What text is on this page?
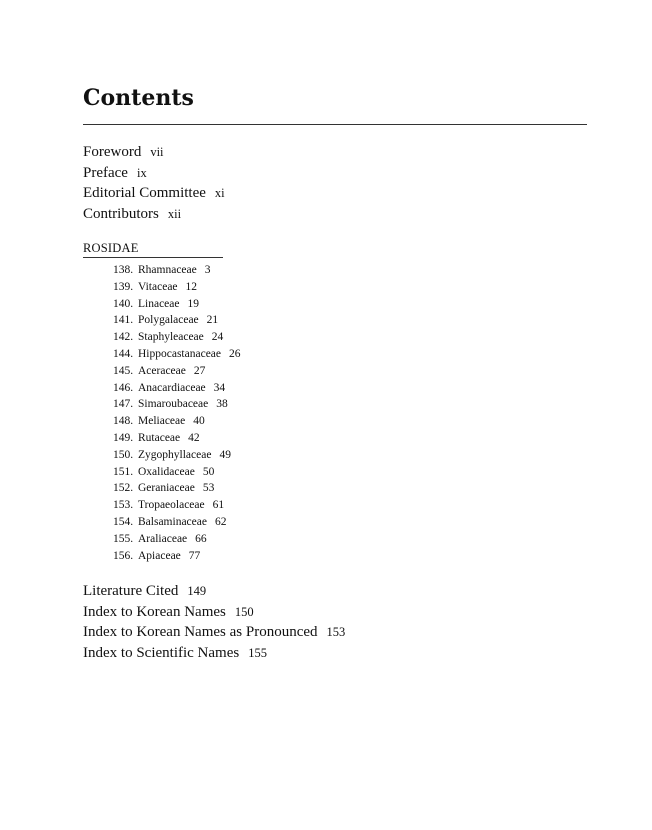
Contents
Foreword vii
Preface ix
Editorial Committee xi
Contributors xii
ROSIDAE
138. Rhamnaceae 3
139. Vitaceae 12
140. Linaceae 19
141. Polygalaceae 21
142. Staphyleaceae 24
144. Hippocastanaceae 26
145. Aceraceae 27
146. Anacardiaceae 34
147. Simaroubaceae 38
148. Meliaceae 40
149. Rutaceae 42
150. Zygophyllaceae 49
151. Oxalidaceae 50
152. Geraniaceae 53
153. Tropaeolaceae 61
154. Balsaminaceae 62
155. Araliaceae 66
156. Apiaceae 77
Literature Cited 149
Index to Korean Names 150
Index to Korean Names as Pronounced 153
Index to Scientific Names 155
